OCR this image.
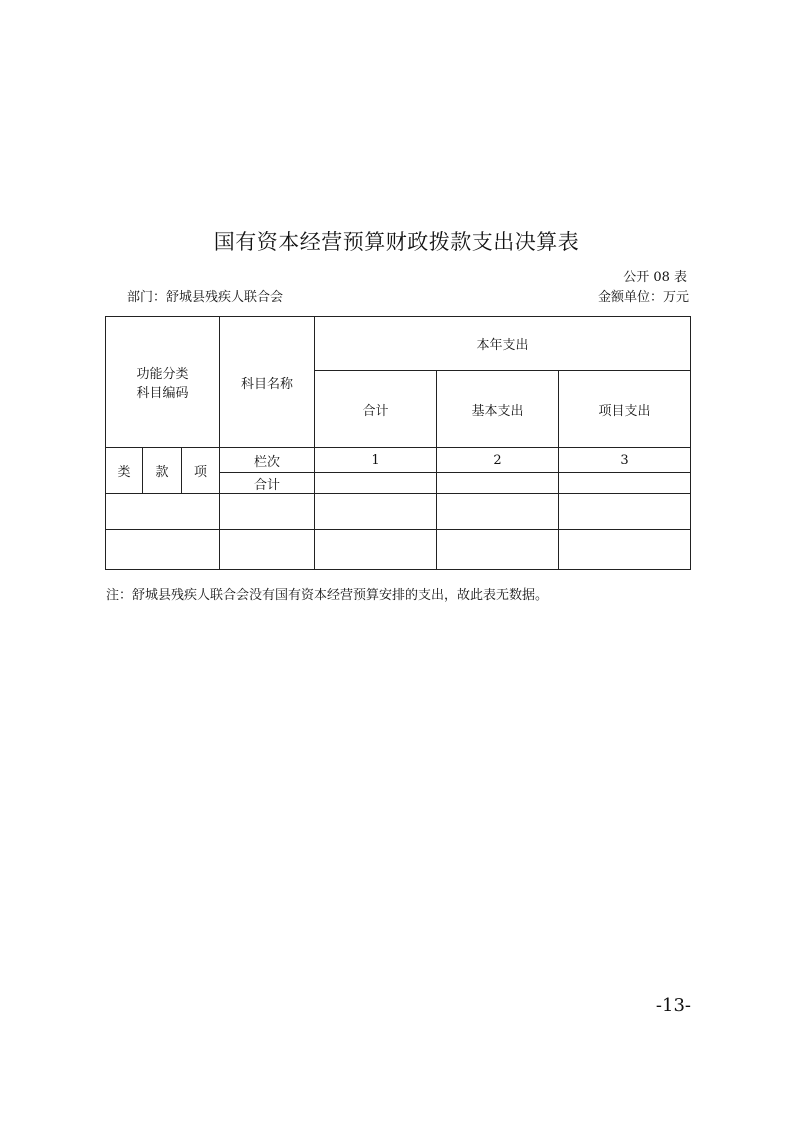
国有资本经营预算财政拨款支出决算表
公开 08 表
部门：舒城县残疾人联合会	金额单位：万元
功能分类
科目编码			科目名称	本年支出		
				合计	基本支出	项目支出
类	款	项	栏次	1	2	3
			合计			

注：舒城县残疾人联合会没有国有资本经营预算安排的支出，故此表无数据。
-13-
